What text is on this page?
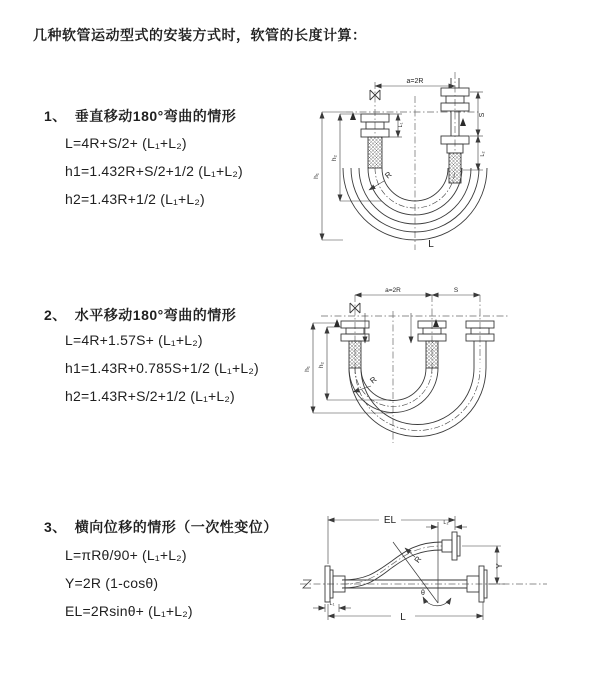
几种软管运动型式的安装方式时，软管的长度计算：
1、 垂直移动180°弯曲的情形
L=4R+S/2+ (L₁+L₂)
h1=1.432R+S/2+1/2 (L₁+L₂)
h2=1.43R+1/2 (L₁+L₂)
a=2R
S
L₂
h₁
h₂
L₁
R
L
2、 水平移动180°弯曲的情形
L=4R+1.57S+ (L₁+L₂)
h1=1.43R+0.785S+1/2 (L₁+L₂)
h2=1.43R+S/2+1/2 (L₁+L₂)
a=2R	S
h₁
h₂
R
3、 横向位移的情形（一次性变位）
L=πRθ/90+ (L₁+L₂)
Y=2R (1-cosθ)
EL=2Rsinθ+ (L₁+L₂)
EL	L₂
Y
L
L₁
R
θ
